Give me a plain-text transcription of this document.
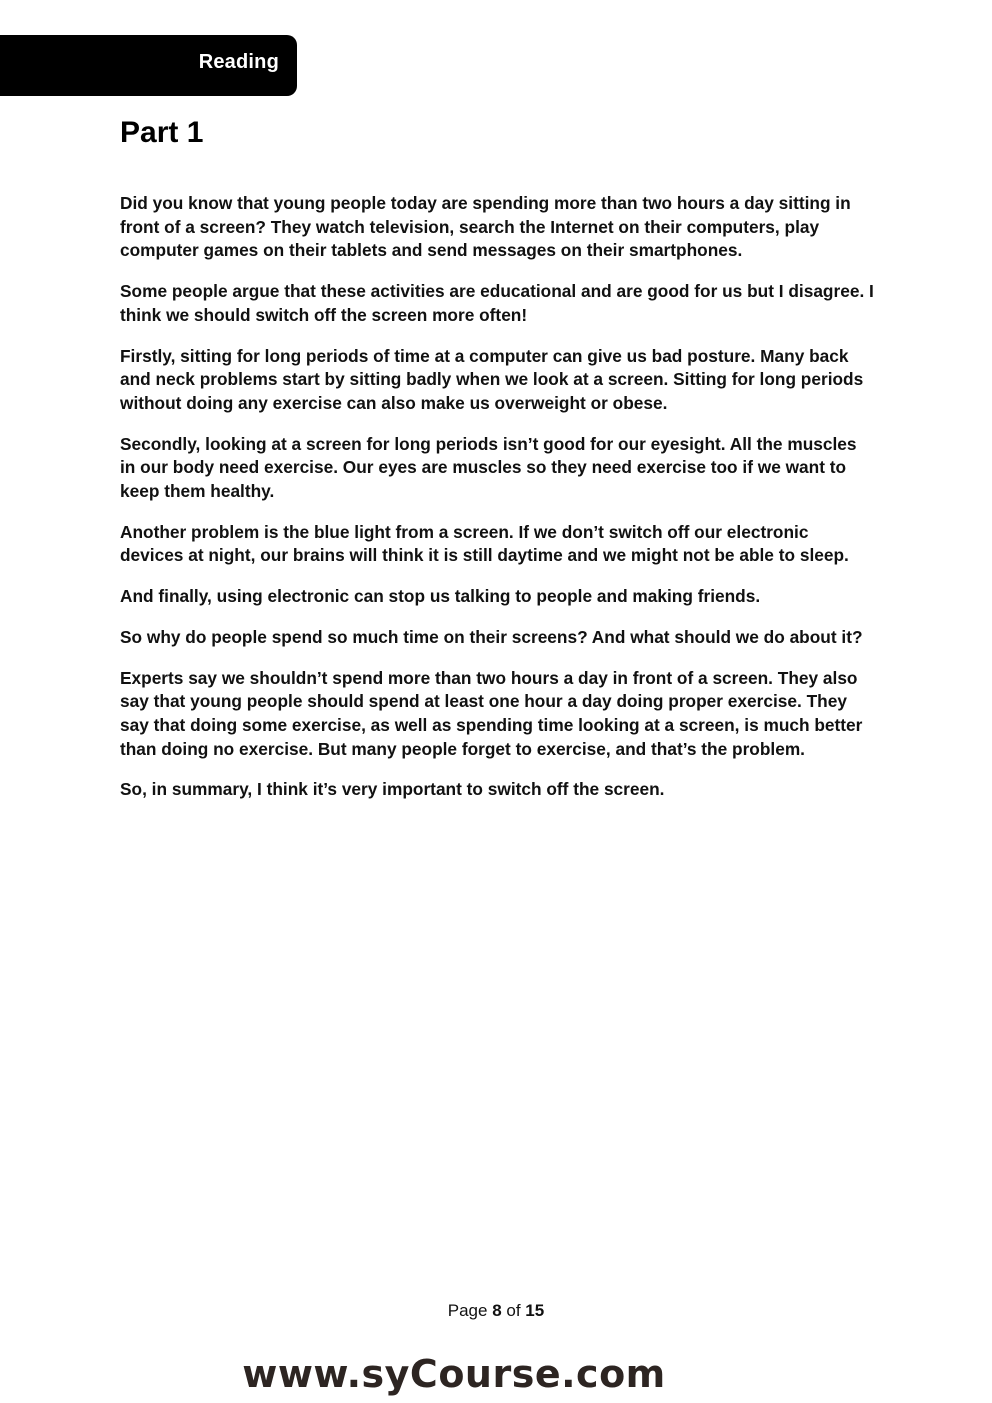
Reading
Part 1

Did you know that young people today are spending more than two hours a day sitting in front of a screen? They watch television, search the Internet on their computers, play computer games on their tablets and send messages on their smartphones.

Some people argue that these activities are educational and are good for us but I disagree. I think we should switch off the screen more often!

Firstly, sitting for long periods of time at a computer can give us bad posture. Many back and neck problems start by sitting badly when we look at a screen. Sitting for long periods without doing any exercise can also make us overweight or obese.

Secondly, looking at a screen for long periods isn’t good for our eyesight. All the muscles in our body need exercise. Our eyes are muscles so they need exercise too if we want to keep them healthy.

Another problem is the blue light from a screen. If we don’t switch off our electronic devices at night, our brains will think it is still daytime and we might not be able to sleep.

And finally, using electronic can stop us talking to people and making friends.

So why do people spend so much time on their screens? And what should we do about it?

Experts say we shouldn’t spend more than two hours a day in front of a screen. They also say that young people should spend at least one hour a day doing proper exercise. They say that doing some exercise, as well as spending time looking at a screen, is much better than doing no exercise. But many people forget to exercise, and that’s the problem.

So, in summary, I think it’s very important to switch off the screen.

Page 8 of 15
www.syCourse.com
